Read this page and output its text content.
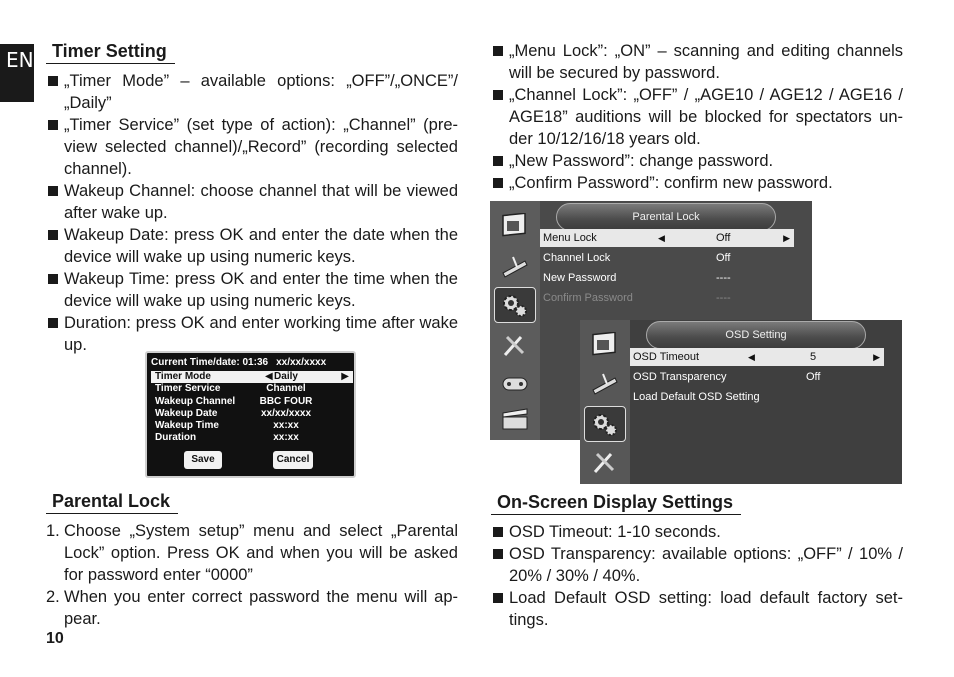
EN	Timer Setting
„Timer Mode” – available options: „OFF”/„ONCE”/„Daily”
„Timer Service” (set type of action): „Channel” (pre-view selected channel)/„Record” (recording selected channel).
Wakeup Channel: choose channel that will be viewed after wake up.
Wakeup Date: press OK and enter the date when the device will wake up using numeric keys.
Wakeup Time: press OK and enter the time when the device will wake up using numeric keys.
Duration: press OK and enter working time after wake up.
Current Time/date: 01:36 xx/xx/xxxx
Timer Mode	◀ Daily	▶
Timer Service	Channel
Wakeup Channel	BBC FOUR
Wakeup Date	xx/xx/xxxx
Wakeup Time	xx:xx
Duration	xx:xx
Save	Cancel
Parental Lock
1. Choose „System setup” menu and select „Parental Lock” option. Press OK and when you will be asked for password enter “0000”
2. When you enter correct password the menu will ap-pear.
10
„Menu Lock”: „ON” – scanning and editing channels will be secured by password.
„Channel Lock”: „OFF” / „AGE10 / AGE12 / AGE16 / AGE18” auditions will be blocked for spectators un-der 10/12/16/18 years old.
„New Password”: change password.
„Confirm Password”: confirm new password.
Parental Lock
Menu Lock	◀	Off	▶
Channel Lock	Off
New Password	----
Confirm Password	----
OSD Setting
OSD Timeout	◀	5	▶
OSD Transparency	Off
Load Default OSD Setting
On-Screen Display Settings
OSD Timeout: 1-10 seconds.
OSD Transparency: available options: „OFF” / 10% / 20% / 30% / 40%.
Load Default OSD setting: load default factory set-tings.
